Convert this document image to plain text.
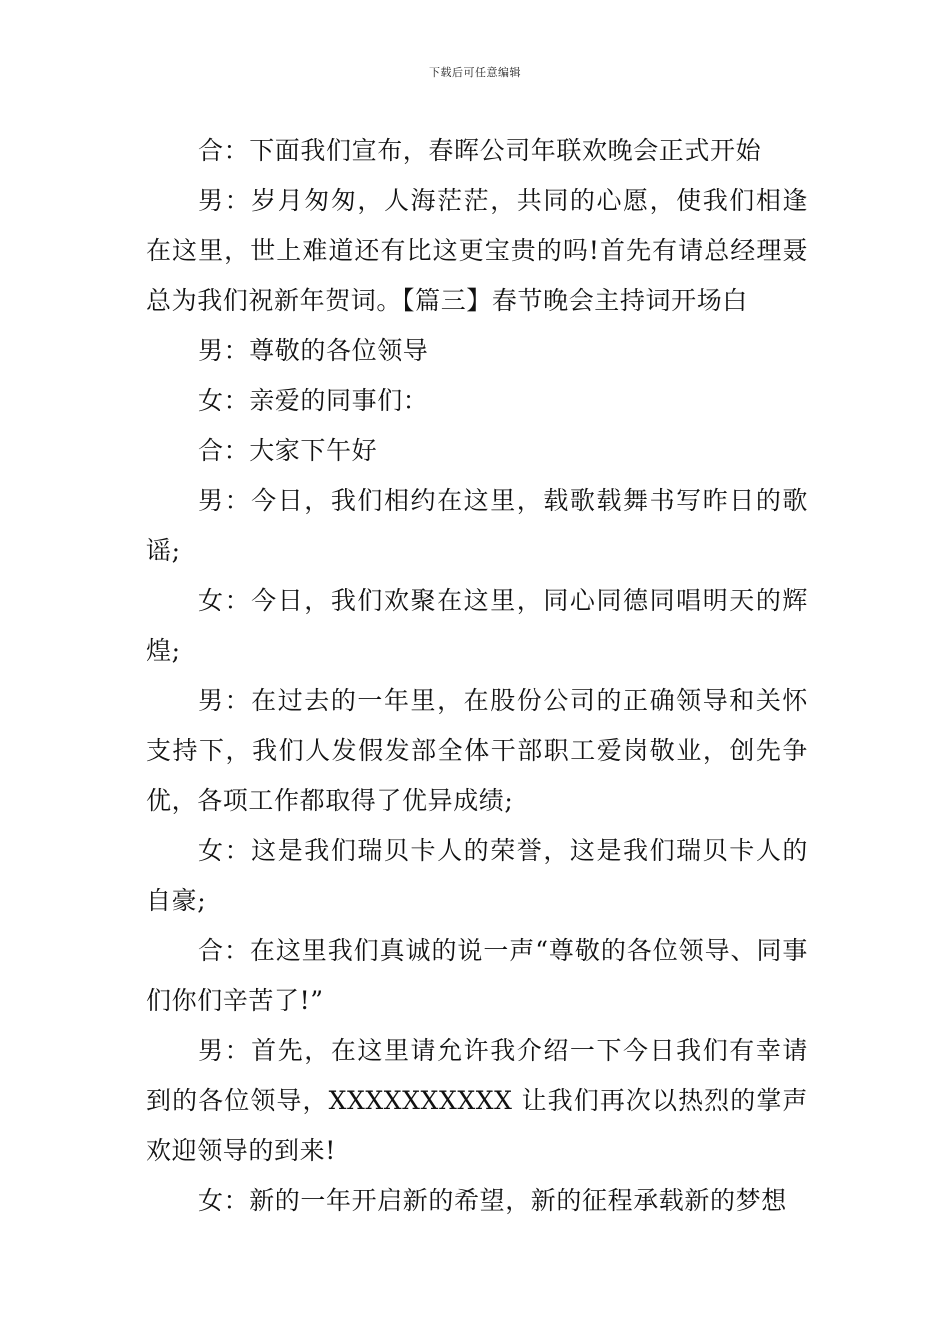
下载后可任意编辑

合：下面我们宣布，春晖公司年联欢晚会正式开始

男：岁月匆匆，人海茫茫，共同的心愿，使我们相逢在这里，世上难道还有比这更宝贵的吗!首先有请总经理聂总为我们祝新年贺词。【篇三】春节晚会主持词开场白

男：尊敬的各位领导

女：亲爱的同事们：

合：大家下午好

男：今日，我们相约在这里，载歌载舞书写昨日的歌谣;

女：今日，我们欢聚在这里，同心同德同唱明天的辉煌;

男：在过去的一年里，在股份公司的正确领导和关怀支持下，我们人发假发部全体干部职工爱岗敬业，创先争优，各项工作都取得了优异成绩;

女：这是我们瑞贝卡人的荣誉，这是我们瑞贝卡人的自豪;

合：在这里我们真诚的说一声“尊敬的各位领导、同事们你们辛苦了!”

男：首先，在这里请允许我介绍一下今日我们有幸请到的各位领导，XXXXXXXXXX 让我们再次以热烈的掌声欢迎领导的到来!

女：新的一年开启新的希望，新的征程承载新的梦想
